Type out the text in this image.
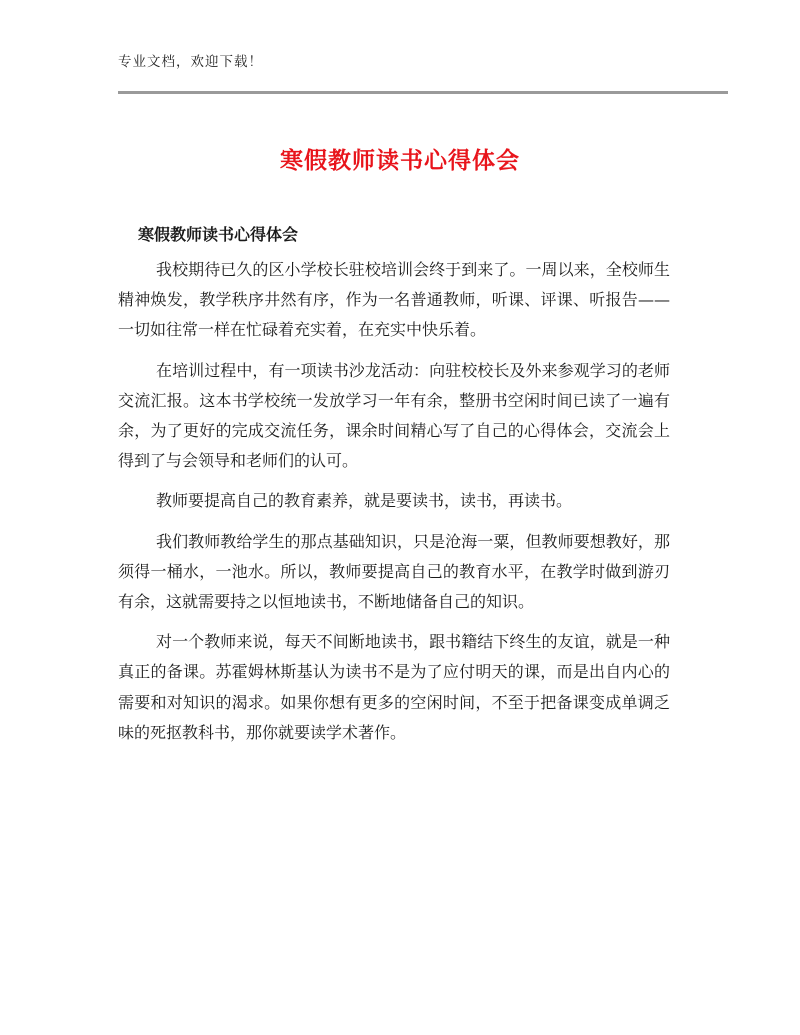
专业文档，欢迎下载！
寒假教师读书心得体会
寒假教师读书心得体会

我校期待已久的区小学校长驻校培训会终于到来了。一周以来，全校师生精神焕发，教学秩序井然有序，作为一名普通教师，听课、评课、听报告——一切如往常一样在忙碌着充实着，在充实中快乐着。

在培训过程中，有一项读书沙龙活动：向驻校校长及外来参观学习的老师交流汇报。这本书学校统一发放学习一年有余，整册书空闲时间已读了一遍有余，为了更好的完成交流任务，课余时间精心写了自己的心得体会，交流会上得到了与会领导和老师们的认可。

教师要提高自己的教育素养，就是要读书，读书，再读书。

我们教师教给学生的那点基础知识，只是沧海一粟，但教师要想教好，那须得一桶水，一池水。所以，教师要提高自己的教育水平，在教学时做到游刃有余，这就需要持之以恒地读书，不断地储备自己的知识。

对一个教师来说，每天不间断地读书，跟书籍结下终生的友谊，就是一种真正的备课。苏霍姆林斯基认为读书不是为了应付明天的课，而是出自内心的需要和对知识的渴求。如果你想有更多的空闲时间，不至于把备课变成单调乏味的死抠教科书，那你就要读学术著作。
